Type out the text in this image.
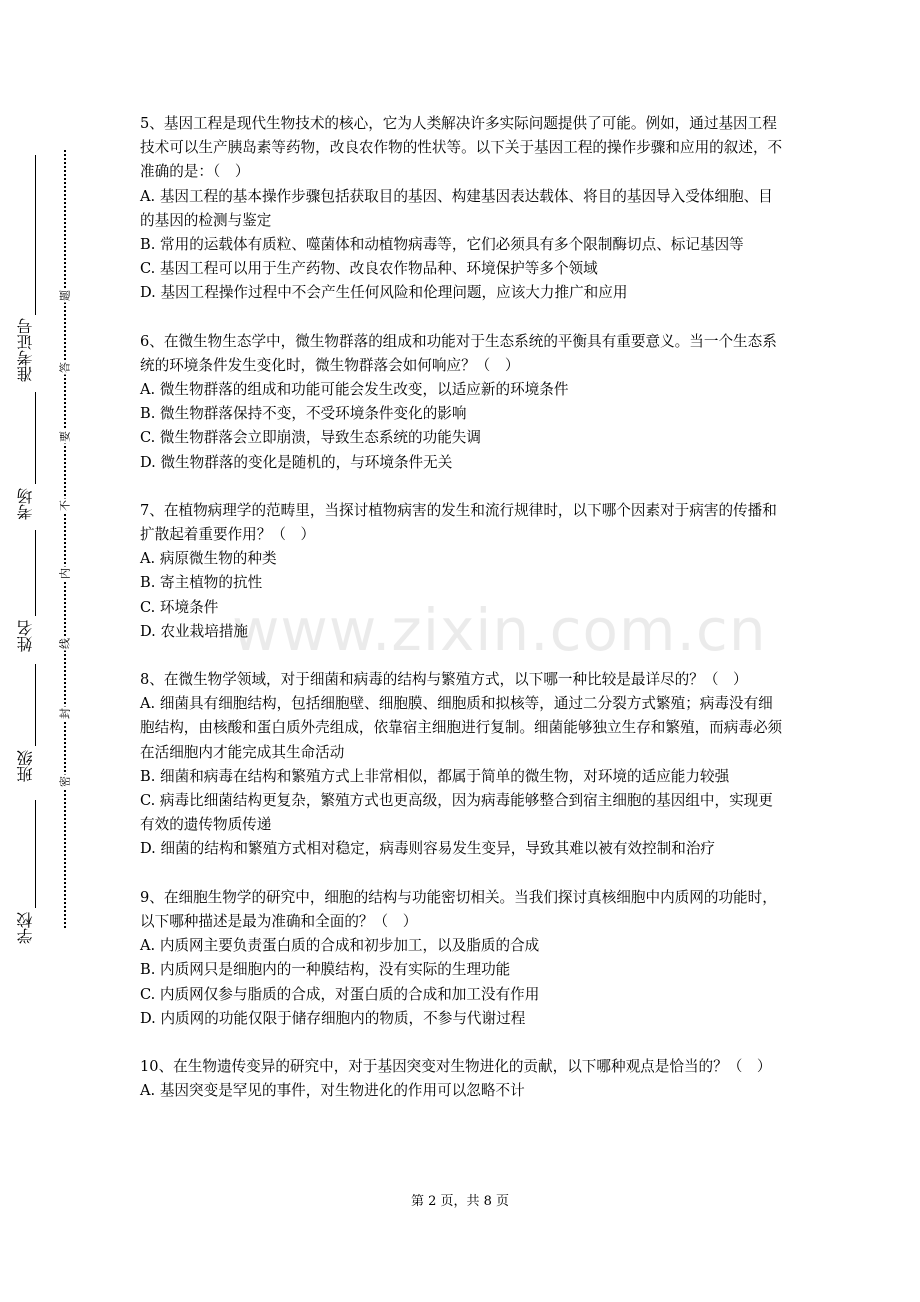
准考证号
考场
姓名
班级
学校
题
答
要
不
内
线
封
密

5、基因工程是现代生物技术的核心，它为人类解决许多实际问题提供了可能。例如，通过基因工程技术可以生产胰岛素等药物，改良农作物的性状等。以下关于基因工程的操作步骤和应用的叙述，不准确的是：（　）

A. 基因工程的基本操作步骤包括获取目的基因、构建基因表达载体、将目的基因导入受体细胞、目的基因的检测与鉴定

B. 常用的运载体有质粒、噬菌体和动植物病毒等，它们必须具有多个限制酶切点、标记基因等

C. 基因工程可以用于生产药物、改良农作物品种、环境保护等多个领域

D. 基因工程操作过程中不会产生任何风险和伦理问题，应该大力推广和应用

6、在微生物生态学中，微生物群落的组成和功能对于生态系统的平衡具有重要意义。当一个生态系统的环境条件发生变化时，微生物群落会如何响应？（　）

A. 微生物群落的组成和功能可能会发生改变，以适应新的环境条件

B. 微生物群落保持不变，不受环境条件变化的影响

C. 微生物群落会立即崩溃，导致生态系统的功能失调

D. 微生物群落的变化是随机的，与环境条件无关

7、在植物病理学的范畴里，当探讨植物病害的发生和流行规律时，以下哪个因素对于病害的传播和扩散起着重要作用？（　）

A. 病原微生物的种类

B. 寄主植物的抗性

C. 环境条件

D. 农业栽培措施

8、在微生物学领域，对于细菌和病毒的结构与繁殖方式，以下哪一种比较是最详尽的？（　）

A. 细菌具有细胞结构，包括细胞壁、细胞膜、细胞质和拟核等，通过二分裂方式繁殖；病毒没有细胞结构，由核酸和蛋白质外壳组成，依靠宿主细胞进行复制。细菌能够独立生存和繁殖，而病毒必须在活细胞内才能完成其生命活动

B. 细菌和病毒在结构和繁殖方式上非常相似，都属于简单的微生物，对环境的适应能力较强

C. 病毒比细菌结构更复杂，繁殖方式也更高级，因为病毒能够整合到宿主细胞的基因组中，实现更有效的遗传物质传递

D. 细菌的结构和繁殖方式相对稳定，病毒则容易发生变异，导致其难以被有效控制和治疗

9、在细胞生物学的研究中，细胞的结构与功能密切相关。当我们探讨真核细胞中内质网的功能时，以下哪种描述是最为准确和全面的？（　）

A. 内质网主要负责蛋白质的合成和初步加工，以及脂质的合成

B. 内质网只是细胞内的一种膜结构，没有实际的生理功能

C. 内质网仅参与脂质的合成，对蛋白质的合成和加工没有作用

D. 内质网的功能仅限于储存细胞内的物质，不参与代谢过程

10、在生物遗传变异的研究中，对于基因突变对生物进化的贡献，以下哪种观点是恰当的？（　）

A. 基因突变是罕见的事件，对生物进化的作用可以忽略不计

www.zixin.com.cn
第 2 页，共 8 页
